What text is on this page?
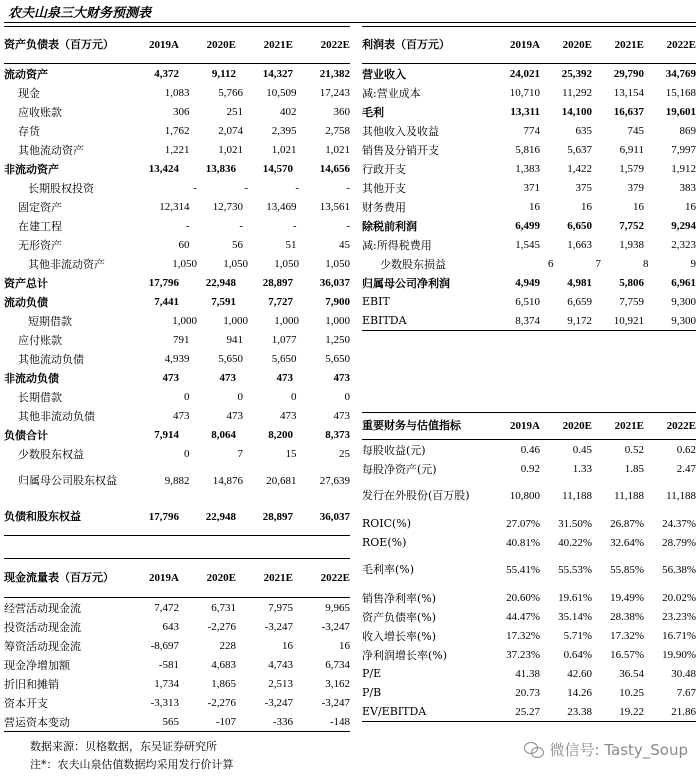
农夫山泉三大财务预测表
资产负债表（百万元）	2019A	2020E	2021E	2022E
流动资产	4,372	9,112	14,327	21,382
现金	1,083	5,766	10,509	17,243
应收账款	306	251	402	360
存货	1,762	2,074	2,395	2,758
其他流动资产	1,221	1,021	1,021	1,021
非流动资产	13,424	13,836	14,570	14,656
长期股权投资	-	-	-	-
固定资产	12,314	12,730	13,469	13,561
在建工程	-	-	-	-
无形资产	60	56	51	45
其他非流动资产	1,050	1,050	1,050	1,050
资产总计	17,796	22,948	28,897	36,037
流动负债	7,441	7,591	7,727	7,900
短期借款	1,000	1,000	1,000	1,000
应付账款	791	941	1,077	1,250
其他流动负债	4,939	5,650	5,650	5,650
非流动负债	473	473	473	473
长期借款	0	0	0	0
其他非流动负债	473	473	473	473
负债合计	7,914	8,064	8,200	8,373
少数股东权益	0	7	15	25
归属母公司股东权益	9,882	14,876	20,681	27,639
负债和股东权益	17,796	22,948	28,897	36,037
现金流量表（百万元）	2019A	2020E	2021E	2022E
经营活动现金流	7,472	6,731	7,975	9,965
投资活动现金流	643	-2,276	-3,247	-3,247
筹资活动现金流	-8,697	228	16	16
现金净增加额	-581	4,683	4,743	6,734
折旧和摊销	1,734	1,865	2,513	3,162
资本开支	-3,313	-2,276	-3,247	-3,247
营运资本变动	565	-107	-336	-148
利润表（百万元）	2019A	2020E	2021E	2022E
营业收入	24,021	25,392	29,790	34,769
减:营业成本	10,710	11,292	13,154	15,168
毛利	13,311	14,100	16,637	19,601
其他收入及收益	774	635	745	869
销售及分销开支	5,816	5,637	6,911	7,997
行政开支	1,383	1,422	1,579	1,912
其他开支	371	375	379	383
财务费用	16	16	16	16
除税前利润	6,499	6,650	7,752	9,294
减:所得税费用	1,545	1,663	1,938	2,323
少数股东损益	6	7	8	9
归属母公司净利润	4,949	4,981	5,806	6,961
EBIT	6,510	6,659	7,759	9,300
EBITDA	8,374	9,172	10,921	9,300
重要财务与估值指标	2019A	2020E	2021E	2022E
每股收益(元)	0.46	0.45	0.52	0.62
每股净资产(元)	0.92	1.33	1.85	2.47
发行在外股份(百万股)	10,800	11,188	11,188	11,188
ROIC(%)	27.07%	31.50%	26.87%	24.37%
ROE(%)	40.81%	40.22%	32.64%	28.79%
毛利率(%)	55.41%	55.53%	55.85%	56.38%
销售净利率(%)	20.60%	19.61%	19.49%	20.02%
资产负债率(%)	44.47%	35.14%	28.38%	23.23%
收入增长率(%)	17.32%	5.71%	17.32%	16.71%
净利润增长率(%)	37.23%	0.64%	16.57%	19.90%
P/E	41.38	42.60	36.54	30.48
P/B	20.73	14.26	10.25	7.67
EV/EBITDA	25.27	23.38	19.22	21.86
数据来源：贝格数据，东吴证券研究所
注*：农夫山泉估值数据均采用发行价计算
微信号: Tasty_Soup
